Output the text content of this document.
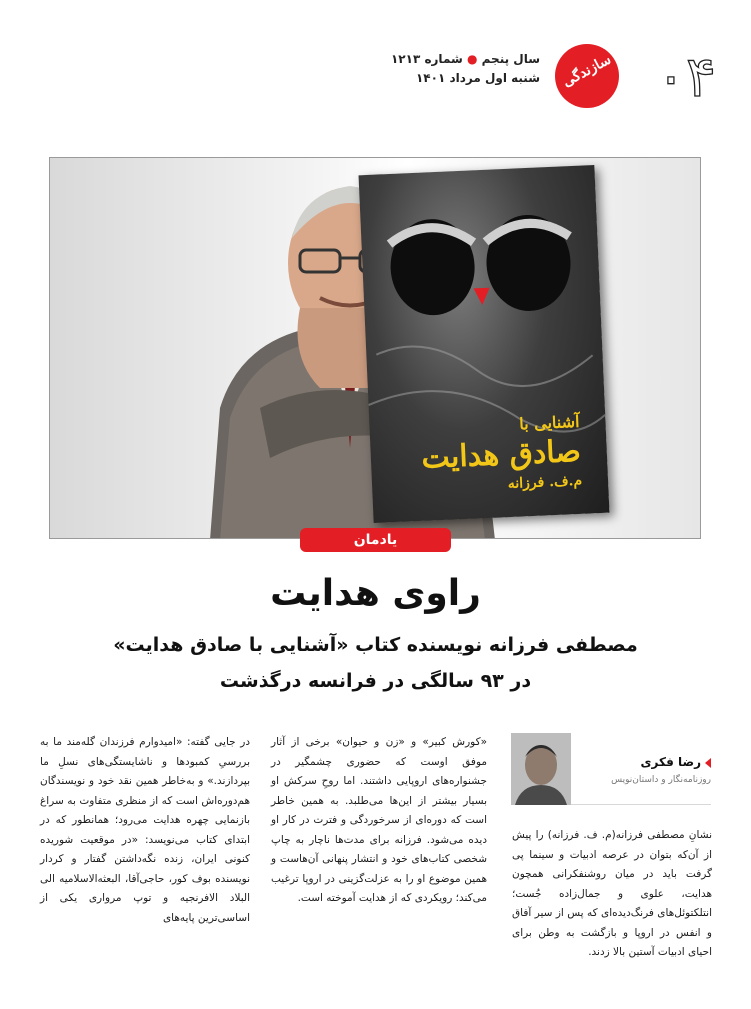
۰۴
سازندگی
سال پنجم ● شماره ۱۲۱۳
شنبه اول مرداد ۱۴۰۱
آشنایی با
صادق هدایت
م.ف. فرزانه
یادمان
راوی هدایت
مصطفی فرزانه نویسنده کتاب «آشنایی با صادق هدایت» در ۹۳ سالگی در فرانسه درگذشت
رضا فکری
روزنامه‌نگار و داستان‌نویس

نشانِ مصطفی فرزانه(م. ف. فرزانه) را پیش از آن‌که بتوان در عرصه ادبیات و سینما پی گرفت باید در میان روشنفکرانی همچون هدایت، علوی و جمال‌زاده جُست؛ انتلکتوئل‌های فرنگ‌دیده‌ای که پس از سیر آفاق و انفس در اروپا و بازگشت به وطن برای احیای ادبیات آستین بالا زدند.

«کورش کبیر» و «زن و حیوان» برخی از آثار موفق اوست که حضوری چشمگیر در جشنواره‌های اروپایی داشتند. اما روحِ سرکش او بسیار بیشتر از این‌ها می‌طلبد. به همین خاطر است که دوره‌ای از سرخوردگی و فترت در کار او دیده می‌شود. فرزانه برای مدت‌ها ناچار به چاپ شخصی کتاب‌های خود و انتشار پنهانی آن‌هاست و همین موضوع او را به عزلت‌گزینی در اروپا ترغیب می‌کند؛ رویکردی که از هدایت آموخته است.

در جایی گفته: «امیدوارم فرزندان گله‌مند ما به بررسیِ کمبودها و ناشایستگی‌های نسلِ ما بپردازند.» و به‌خاطر همین نقد خود و نویسندگان هم‌دوره‌اش است که از منظری متفاوت به سراغ بازنمایی چهره هدایت می‌رود؛ همانطور که در ابتدای کتاب می‌نویسد: «در موقعیت شوریده کنونی ایران، زنده نگه‌داشتن گفتار و کردار نویسنده بوف کور، حاجی‌آقا، البعثه‌الاسلامیه الی البلاد الافرنجیه و توپ مرواری یکی از اساسی‌ترین پایه‌های
